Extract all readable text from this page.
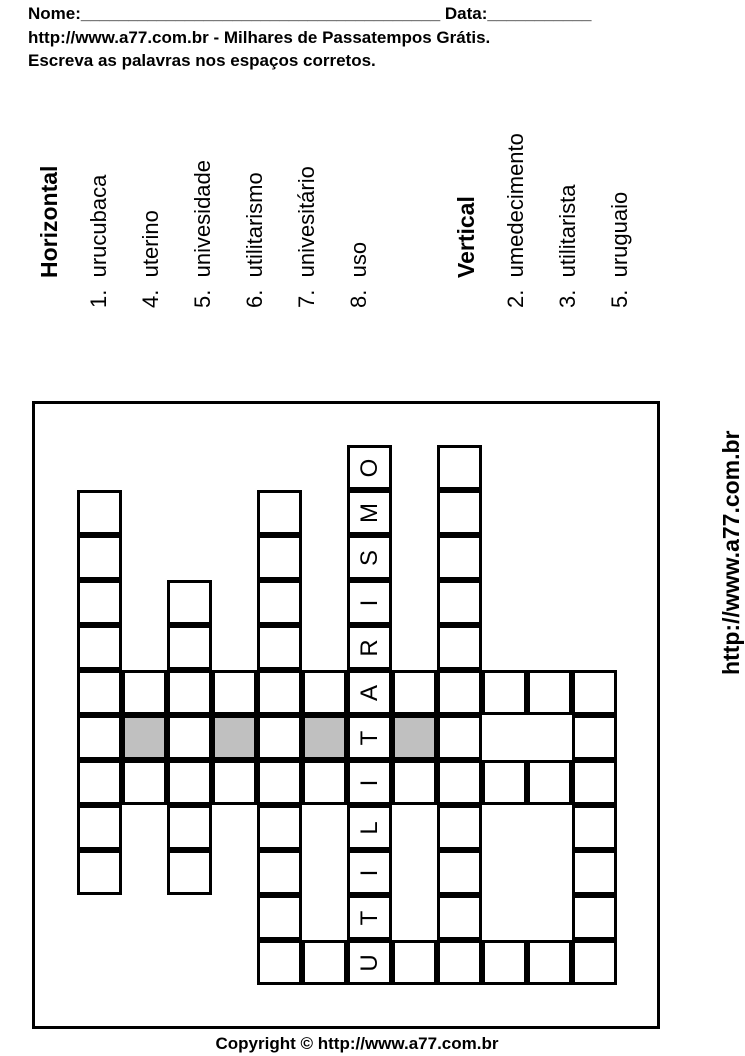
Nome:______________________________________ Data:___________
http://www.a77.com.br - Milhares de Passatempos Grátis.
Escreva as palavras nos espaços corretos.
Horizontal
1.  urucubaca
4.  uterino
5.  univesidade
6.  utilitarismo
7.  univesitário
8.  uso	Vertical
2.  umedecimento
3.  utilitarista
5.  uruguaio
O
M
S
I
R
A
T
I
L
I
T
U
http://www.a77.com.br
Copyright © http://www.a77.com.br
